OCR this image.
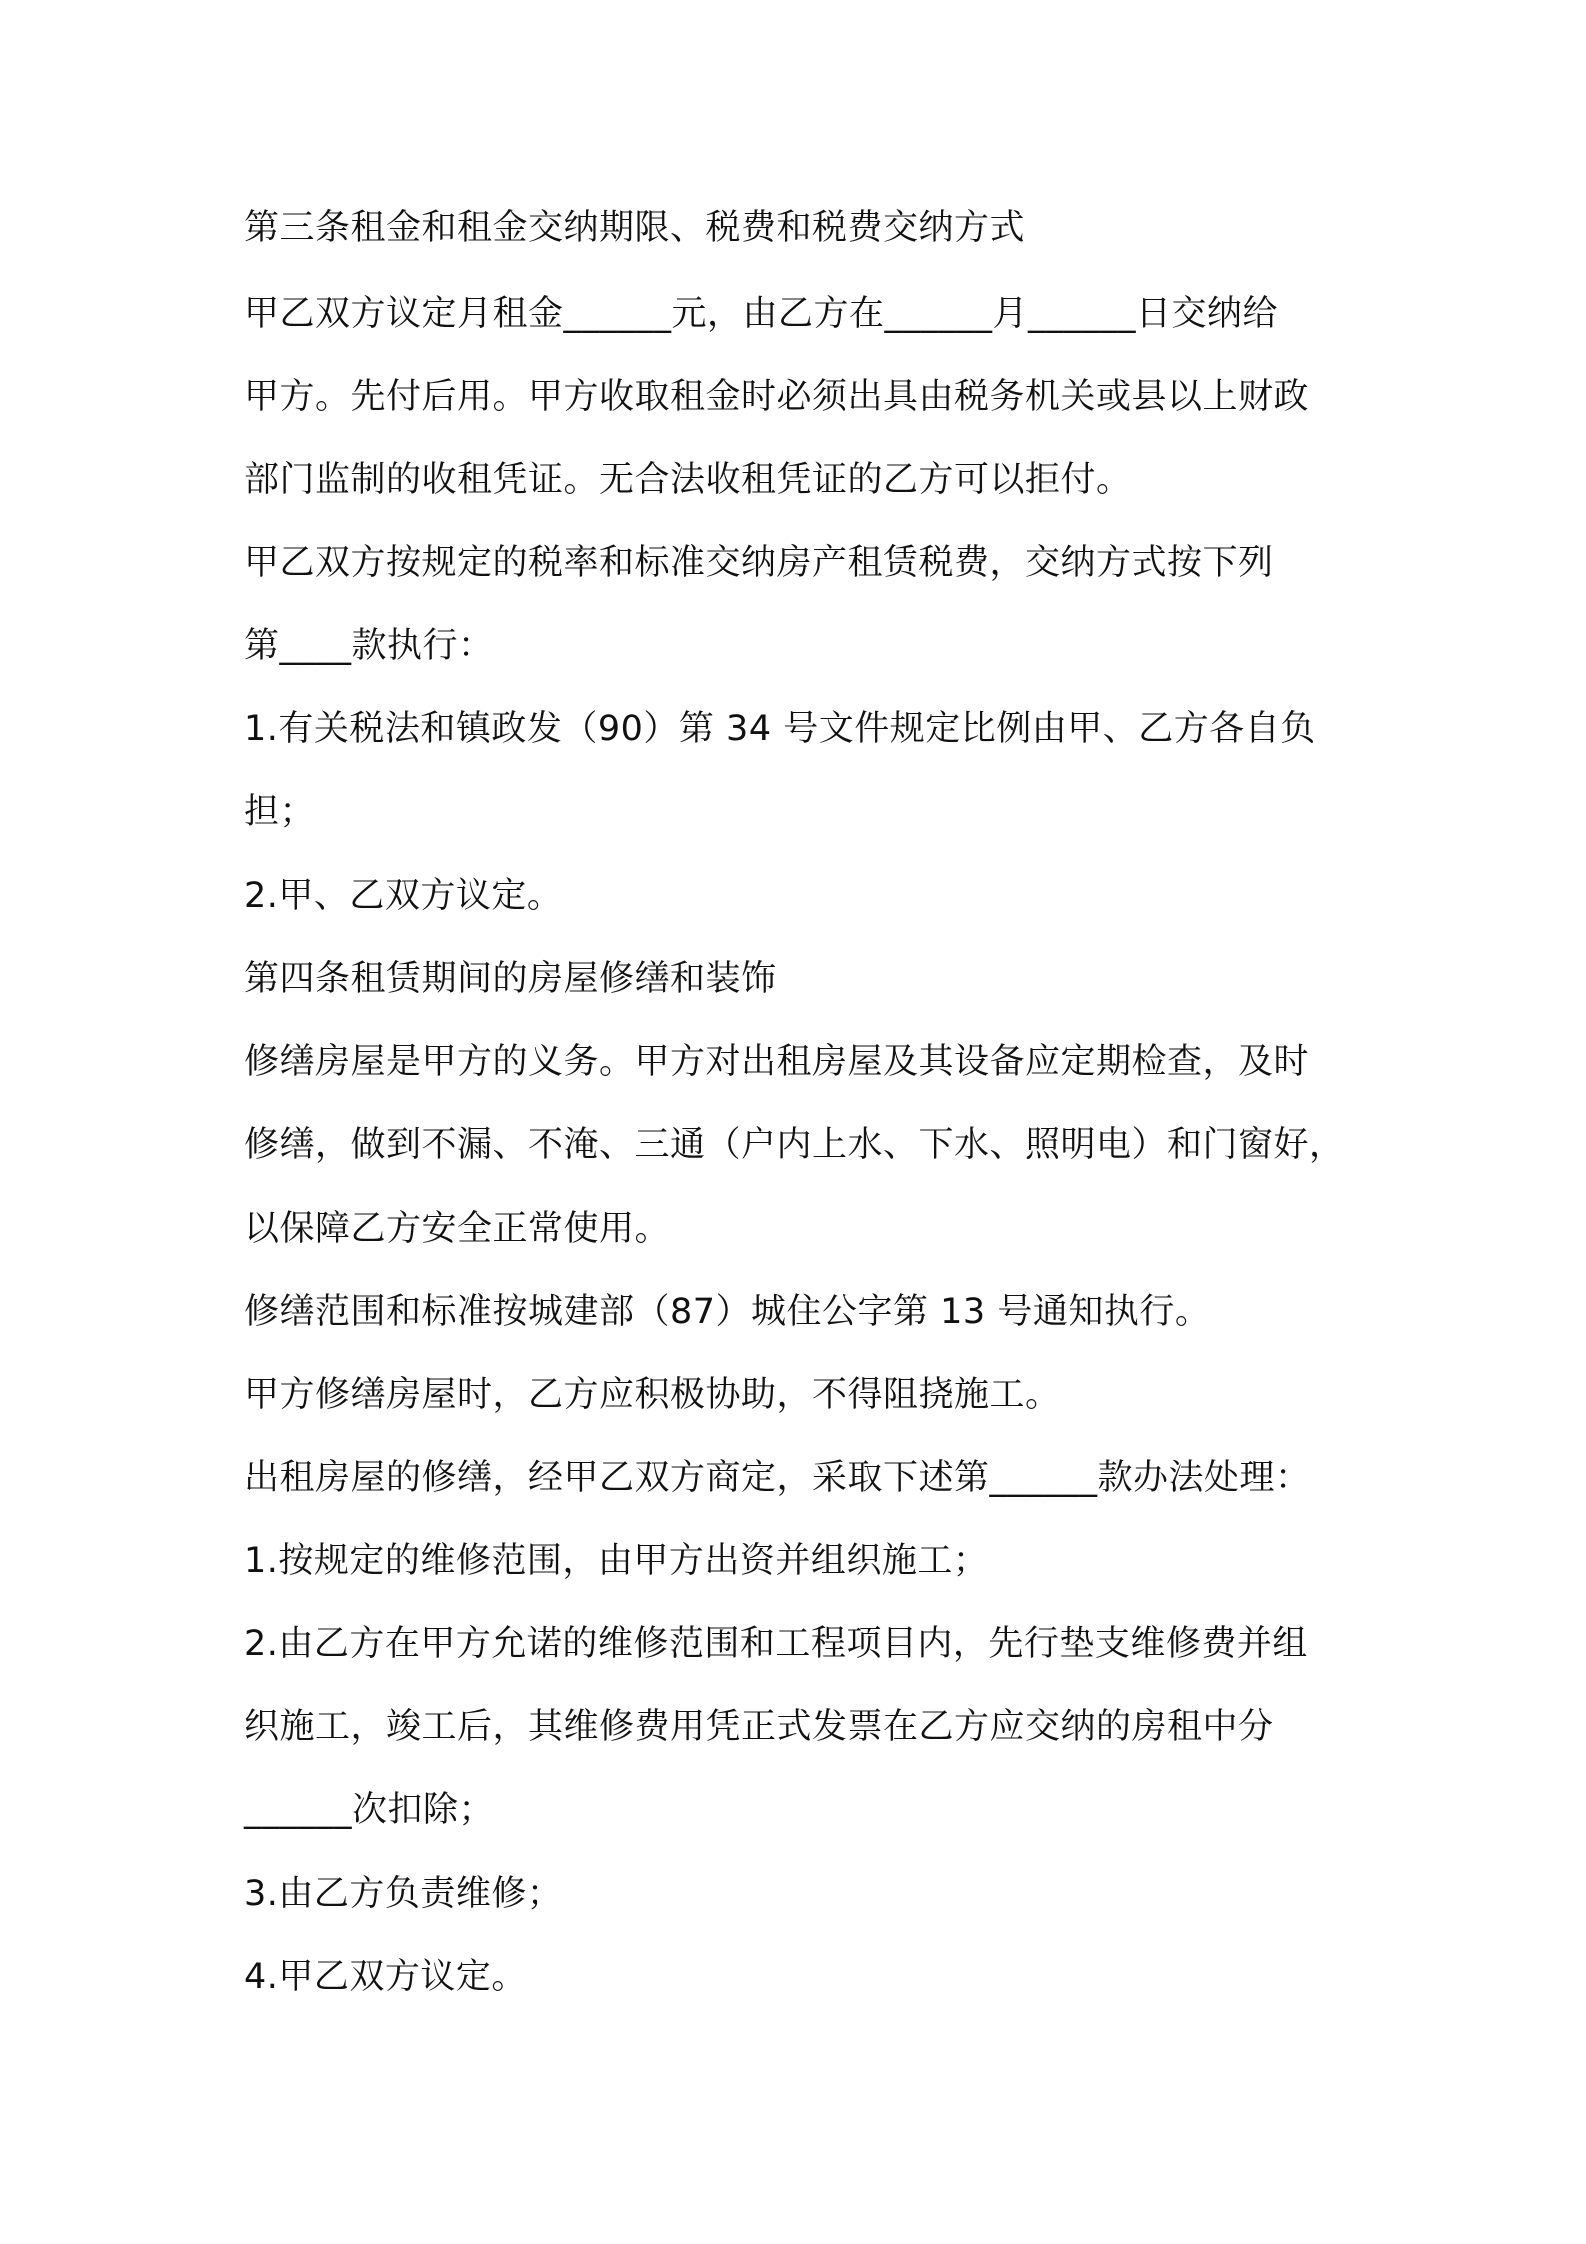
第三条租金和租金交纳期限、税费和税费交纳方式
甲乙双方议定月租金______元，由乙方在______月______日交纳给
甲方。先付后用。甲方收取租金时必须出具由税务机关或县以上财政
部门监制的收租凭证。无合法收租凭证的乙方可以拒付。
甲乙双方按规定的税率和标准交纳房产租赁税费，交纳方式按下列
第____款执行：
1.有关税法和镇政发（90）第 34 号文件规定比例由甲、乙方各自负
担；
2.甲、乙双方议定。
第四条租赁期间的房屋修缮和装饰
修缮房屋是甲方的义务。甲方对出租房屋及其设备应定期检查，及时
修缮，做到不漏、不淹、三通（户内上水、下水、照明电）和门窗好，
以保障乙方安全正常使用。
修缮范围和标准按城建部（87）城住公字第 13 号通知执行。
甲方修缮房屋时，乙方应积极协助，不得阻挠施工。
出租房屋的修缮，经甲乙双方商定，采取下述第______款办法处理：
1.按规定的维修范围，由甲方出资并组织施工；
2.由乙方在甲方允诺的维修范围和工程项目内，先行垫支维修费并组
织施工，竣工后，其维修费用凭正式发票在乙方应交纳的房租中分
______次扣除；
3.由乙方负责维修；
4.甲乙双方议定。
